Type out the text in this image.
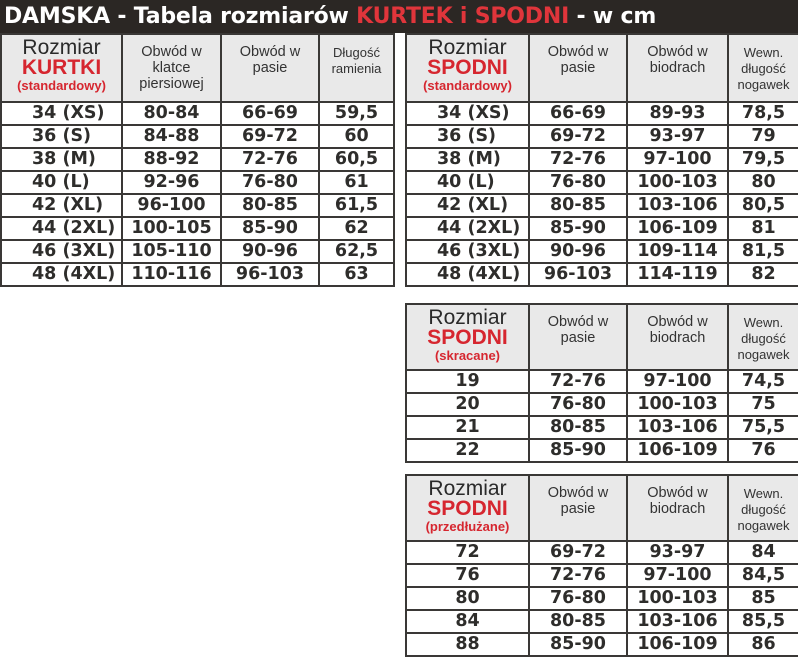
DAMSKA - Tabela rozmiarów KURTEK i SPODNI - w cm
Rozmiar
KURTKI
(standardowy)	Obwód w klatce piersiowej	Obwód w pasie	Długość ramienia
34 (XS)	80-84	66-69	59,5
36 (S)	84-88	69-72	60
38 (M)	88-92	72-76	60,5
40 (L)	92-96	76-80	61
42 (XL)	96-100	80-85	61,5
44 (2XL)	100-105	85-90	62
46 (3XL)	105-110	90-96	62,5
48 (4XL)	110-116	96-103	63
Rozmiar
SPODNI
(standardowy)	Obwód w pasie	Obwód w biodrach	Wewn. długość nogawek
34 (XS)	66-69	89-93	78,5
36 (S)	69-72	93-97	79
38 (M)	72-76	97-100	79,5
40 (L)	76-80	100-103	80
42 (XL)	80-85	103-106	80,5
44 (2XL)	85-90	106-109	81
46 (3XL)	90-96	109-114	81,5
48 (4XL)	96-103	114-119	82
Rozmiar
SPODNI
(skracane)	Obwód w pasie	Obwód w biodrach	Wewn. długość nogawek
19	72-76	97-100	74,5
20	76-80	100-103	75
21	80-85	103-106	75,5
22	85-90	106-109	76
Rozmiar
SPODNI
(przedłużane)	Obwód w pasie	Obwód w biodrach	Wewn. długość nogawek
72	69-72	93-97	84
76	72-76	97-100	84,5
80	76-80	100-103	85
84	80-85	103-106	85,5
88	85-90	106-109	86
